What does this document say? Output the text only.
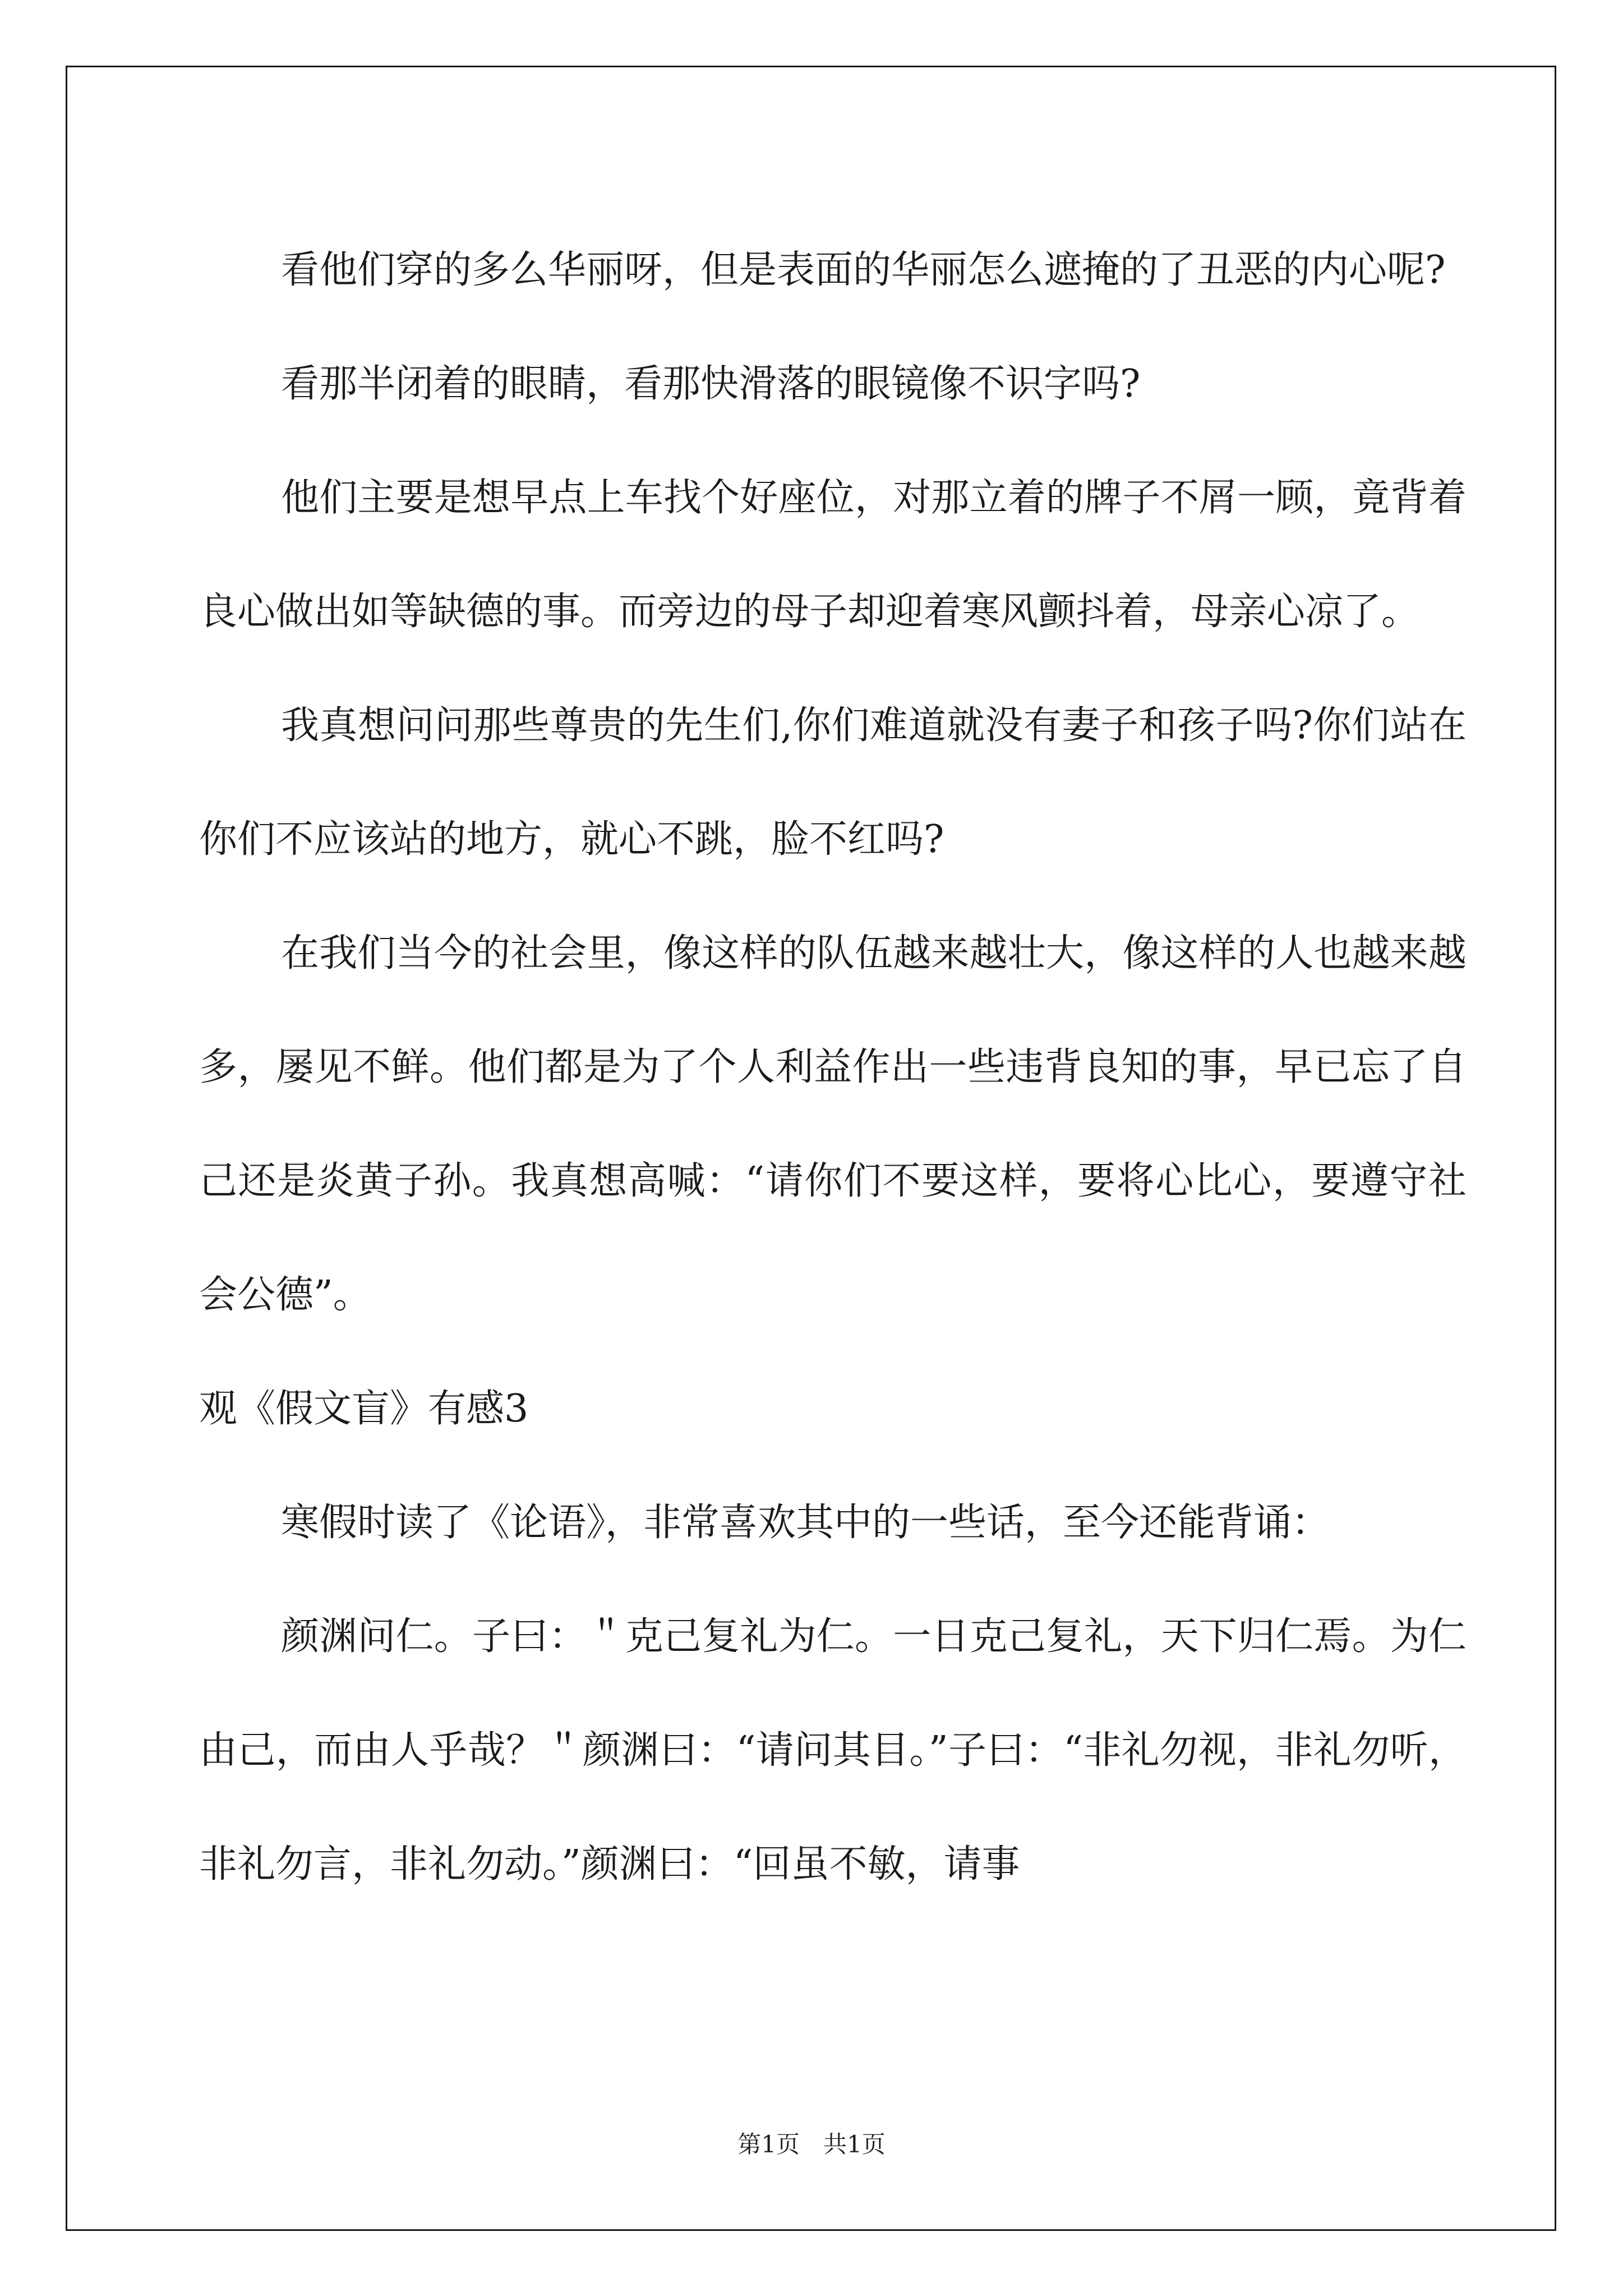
看他们穿的多么华丽呀，但是表面的华丽怎么遮掩的了丑恶的内心呢?

看那半闭着的眼睛，看那快滑落的眼镜像不识字吗?

他们主要是想早点上车找个好座位，对那立着的牌子不屑一顾，竟背着良心做出如等缺德的事。而旁边的母子却迎着寒风颤抖着，母亲心凉了。

我真想问问那些尊贵的先生们,你们难道就没有妻子和孩子吗?你们站在你们不应该站的地方，就心不跳，脸不红吗?

在我们当今的社会里，像这样的队伍越来越壮大，像这样的人也越来越多，屡见不鲜。他们都是为了个人利益作出一些违背良知的事，早已忘了自己还是炎黄子孙。我真想高喊：“请你们不要这样，要将心比心，要遵守社会公德”。

观《假文盲》有感3

寒假时读了《论语》，非常喜欢其中的一些话，至今还能背诵：

颜渊问仁。子曰：＂克己复礼为仁。一日克己复礼，天下归仁焉。为仁由己，而由人乎哉？＂颜渊曰：“请问其目。”子曰：“非礼勿视，非礼勿听，非礼勿言，非礼勿动。”颜渊曰：“回虽不敏，请事

第1页　共1页
